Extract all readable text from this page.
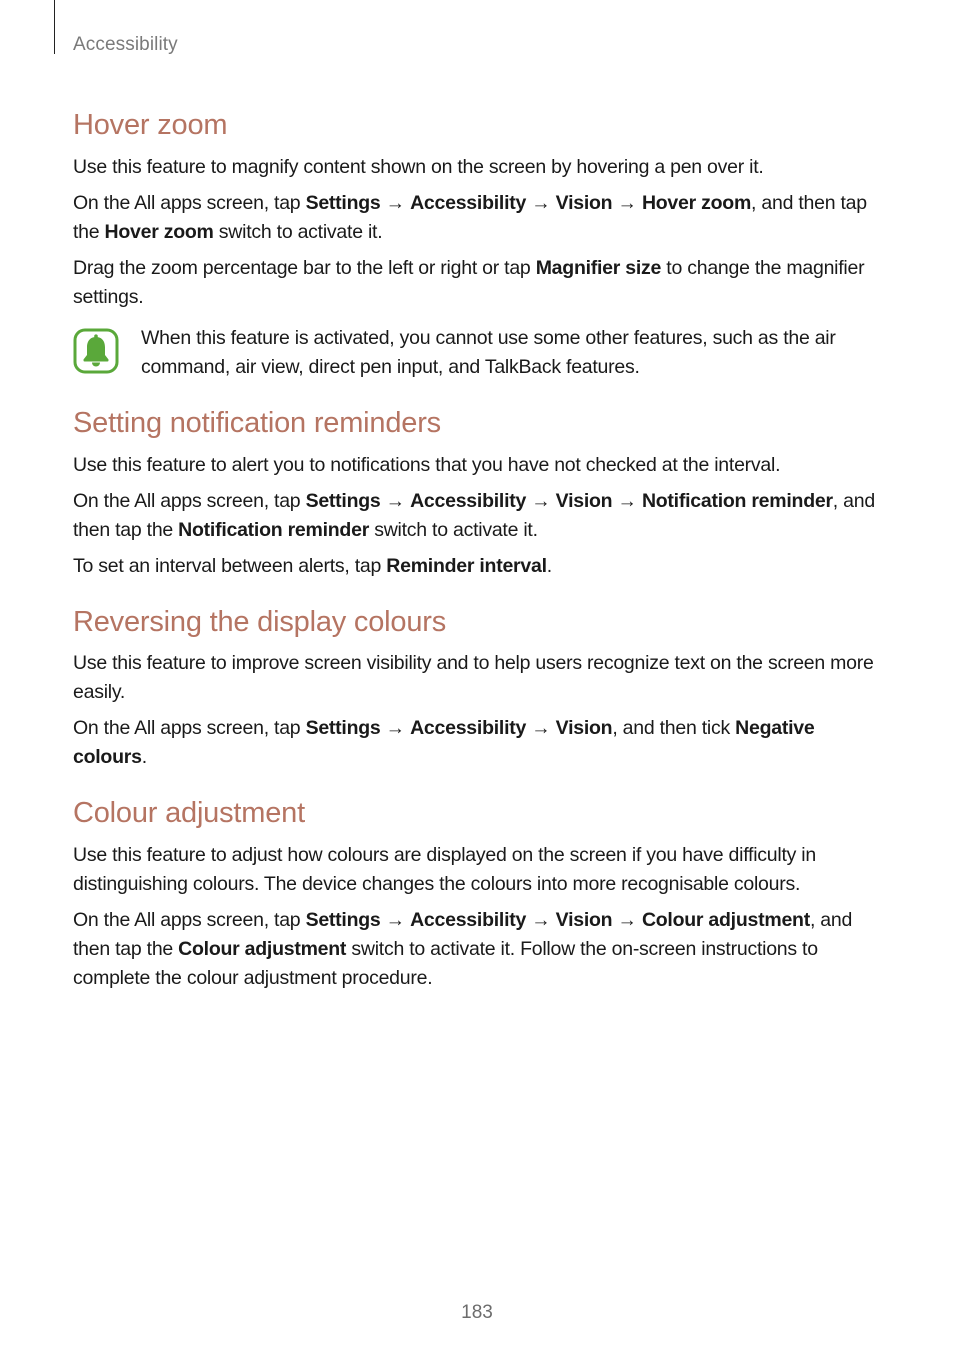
Accessibility
Hover zoom

Use this feature to magnify content shown on the screen by hovering a pen over it.

On the All apps screen, tap Settings → Accessibility → Vision → Hover zoom, and then tap the Hover zoom switch to activate it.

Drag the zoom percentage bar to the left or right or tap Magnifier size to change the magnifier settings.

When this feature is activated, you cannot use some other features, such as the air command, air view, direct pen input, and TalkBack features.

Setting notification reminders

Use this feature to alert you to notifications that you have not checked at the interval.

On the All apps screen, tap Settings → Accessibility → Vision → Notification reminder, and then tap the Notification reminder switch to activate it.

To set an interval between alerts, tap Reminder interval.

Reversing the display colours

Use this feature to improve screen visibility and to help users recognize text on the screen more easily.

On the All apps screen, tap Settings → Accessibility → Vision, and then tick Negative colours.

Colour adjustment

Use this feature to adjust how colours are displayed on the screen if you have difficulty in distinguishing colours. The device changes the colours into more recognisable colours.

On the All apps screen, tap Settings → Accessibility → Vision → Colour adjustment, and then tap the Colour adjustment switch to activate it. Follow the on-screen instructions to complete the colour adjustment procedure.

183
